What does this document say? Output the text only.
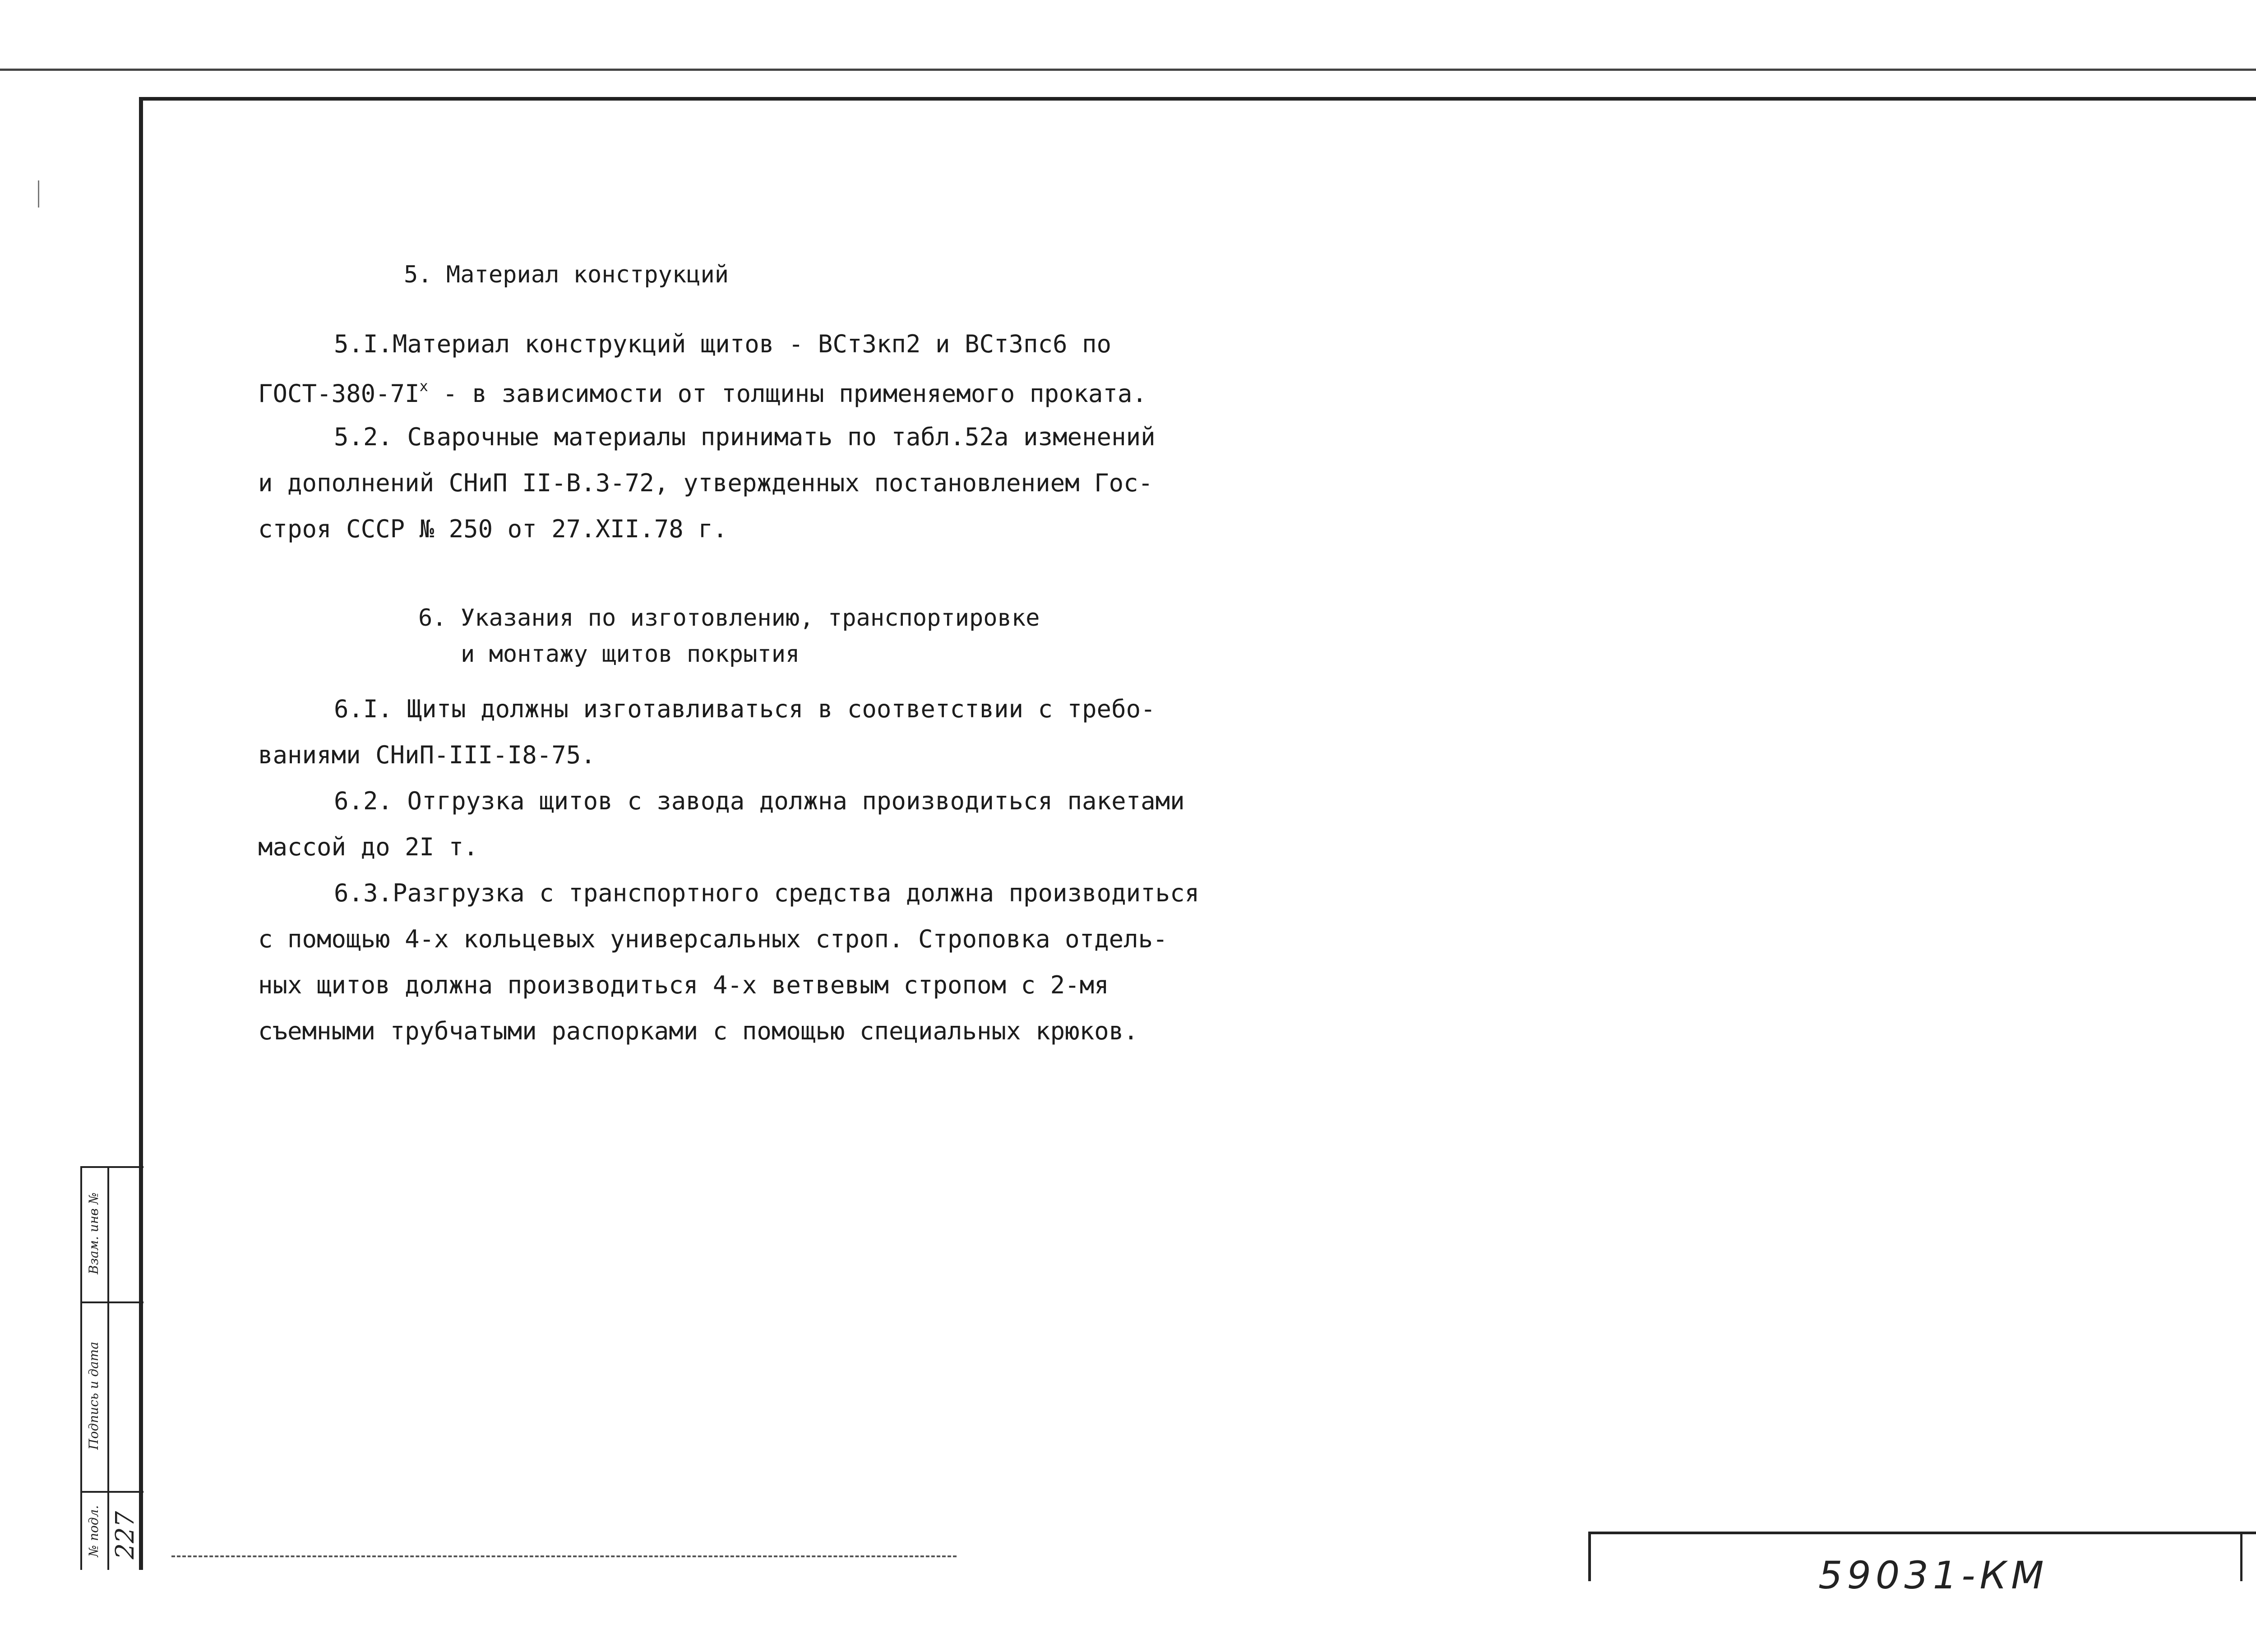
5. Материал конструкций
5.I.Материал конструкций щитов - ВСт3кп2 и ВСт3пс6 по
ГОСТ-$380-7I^x$ - в зависимости от толщины применяемого проката.
5.2. Сварочные материалы принимать по табл.52а изменений
и дополнений СНиП II-В.3-72, утвержденных постановлением Гос-
строя СССР № 250 от 27.XII.78 г.
6. Указания по изготовлению, транспортировке
и монтажу щитов покрытия
6.I. Щиты должны изготавливаться в соответствии с требо-
ваниями СНиП-III-I8-75.
6.2. Отгрузка щитов с завода должна производиться пакетами
массой до 2I т.
6.3.Разгрузка с транспортного средства должна производиться
с помощью 4-х кольцевых универсальных строп. Строповка отдель-
ных щитов должна производиться 4-х ветвевым стропом с 2-мя
съемными трубчатыми распорками с помощью специальных крюков.
Взам. инв №
Подпись и дата
№ подл. 227
59031-КМ
